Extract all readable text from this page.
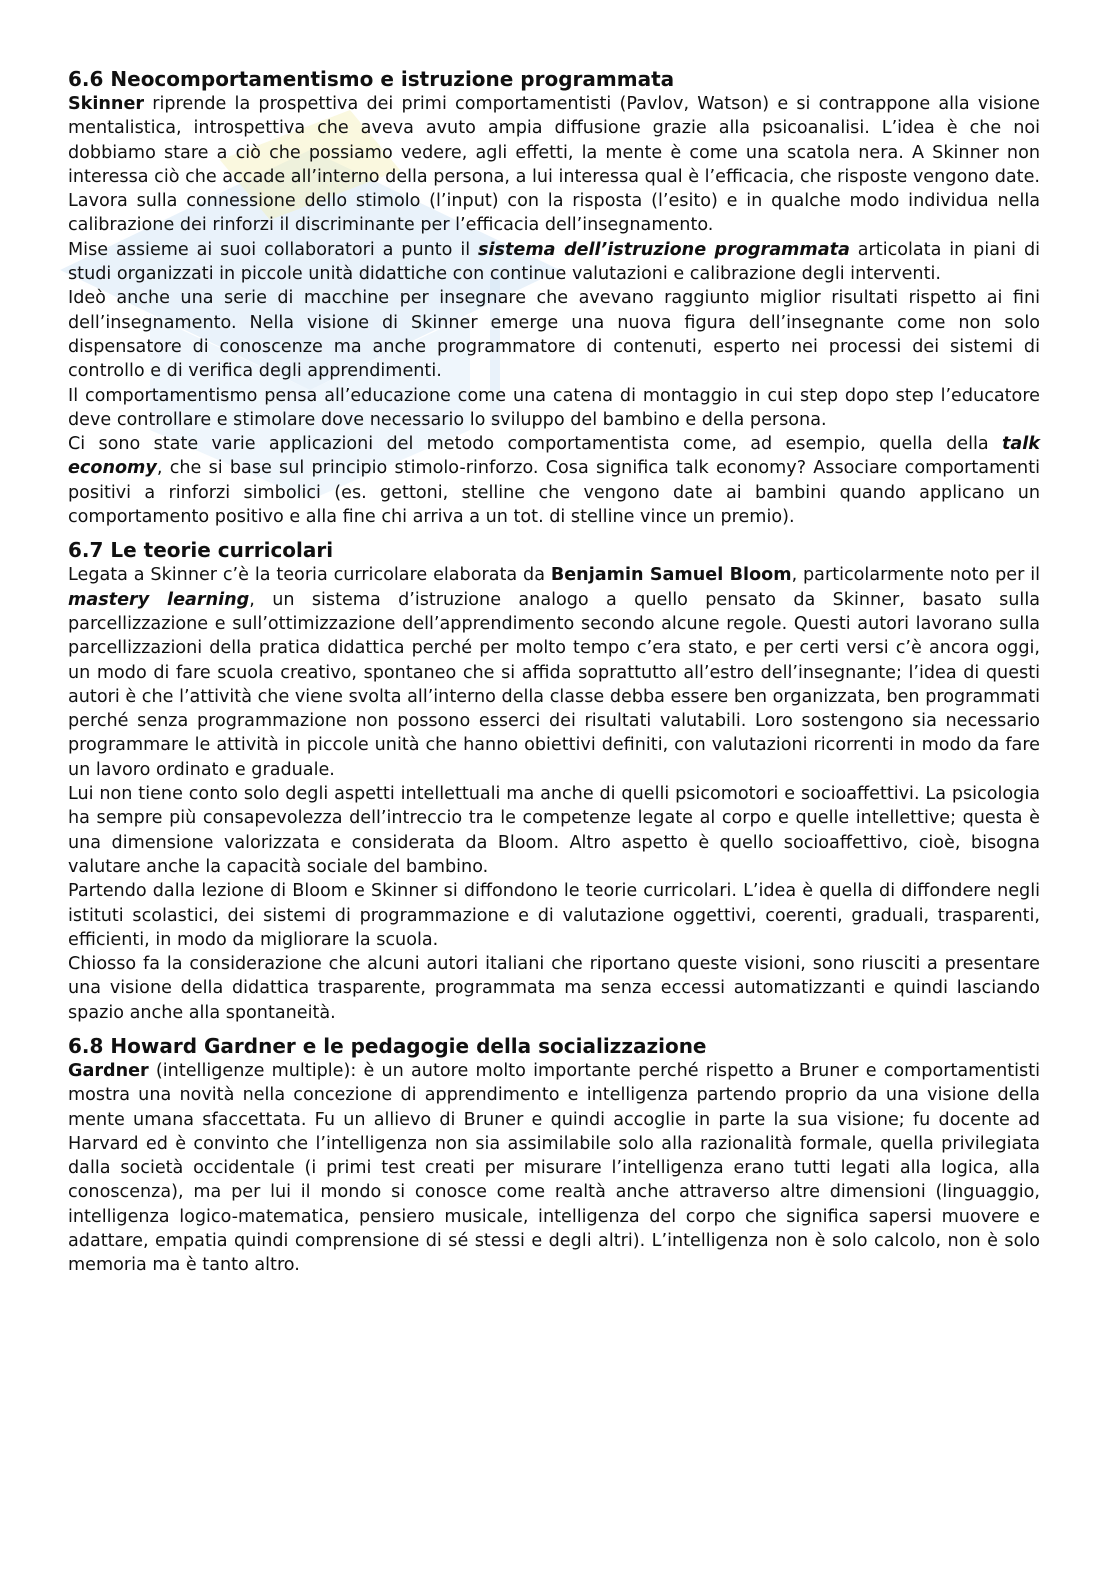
6.6 Neocomportamentismo e istruzione programmata

Skinner riprende la prospettiva dei primi comportamentisti (Pavlov, Watson) e si contrappone alla visione mentalistica, introspettiva che aveva avuto ampia diffusione grazie alla psicoanalisi. L’idea è che noi dobbiamo stare a ciò che possiamo vedere, agli effetti, la mente è come una scatola nera. A Skinner non interessa ciò che accade all’interno della persona, a lui interessa qual è l’efficacia, che risposte vengono date. Lavora sulla connessione dello stimolo (l’input) con la risposta (l’esito) e in qualche modo individua nella calibrazione dei rinforzi il discriminante per l’efficacia dell’insegnamento.

Mise assieme ai suoi collaboratori a punto il sistema dell’istruzione programmata articolata in piani di studi organizzati in piccole unità didattiche con continue valutazioni e calibrazione degli interventi.

Ideò anche una serie di macchine per insegnare che avevano raggiunto miglior risultati rispetto ai fini dell’insegnamento. Nella visione di Skinner emerge una nuova figura dell’insegnante come non solo dispensatore di conoscenze ma anche programmatore di contenuti, esperto nei processi dei sistemi di controllo e di verifica degli apprendimenti.

Il comportamentismo pensa all’educazione come una catena di montaggio in cui step dopo step l’educatore deve controllare e stimolare dove necessario lo sviluppo del bambino e della persona.

Ci sono state varie applicazioni del metodo comportamentista come, ad esempio, quella della talk economy, che si base sul principio stimolo-rinforzo. Cosa significa talk economy? Associare comportamenti positivi a rinforzi simbolici (es. gettoni, stelline che vengono date ai bambini quando applicano un comportamento positivo e alla fine chi arriva a un tot. di stelline vince un premio).

6.7 Le teorie curricolari

Legata a Skinner c’è la teoria curricolare elaborata da Benjamin Samuel Bloom, particolarmente noto per il mastery learning, un sistema d’istruzione analogo a quello pensato da Skinner, basato sulla parcellizzazione e sull’ottimizzazione dell’apprendimento secondo alcune regole. Questi autori lavorano sulla parcellizzazioni della pratica didattica perché per molto tempo c’era stato, e per certi versi c’è ancora oggi, un modo di fare scuola creativo, spontaneo che si affida soprattutto all’estro dell’insegnante; l’idea di questi autori è che l’attività che viene svolta all’interno della classe debba essere ben organizzata, ben programmati perché senza programmazione non possono esserci dei risultati valutabili. Loro sostengono sia necessario programmare le attività in piccole unità che hanno obiettivi definiti, con valutazioni ricorrenti in modo da fare un lavoro ordinato e graduale.

Lui non tiene conto solo degli aspetti intellettuali ma anche di quelli psicomotori e socioaffettivi. La psicologia ha sempre più consapevolezza dell’intreccio tra le competenze legate al corpo e quelle intellettive; questa è una dimensione valorizzata e considerata da Bloom. Altro aspetto è quello socioaffettivo, cioè, bisogna valutare anche la capacità sociale del bambino.

Partendo dalla lezione di Bloom e Skinner si diffondono le teorie curricolari. L’idea è quella di diffondere negli istituti scolastici, dei sistemi di programmazione e di valutazione oggettivi, coerenti, graduali, trasparenti, efficienti, in modo da migliorare la scuola.

Chiosso fa la considerazione che alcuni autori italiani che riportano queste visioni, sono riusciti a presentare una visione della didattica trasparente, programmata ma senza eccessi automatizzanti e quindi lasciando spazio anche alla spontaneità.

6.8 Howard Gardner e le pedagogie della socializzazione

Gardner (intelligenze multiple): è un autore molto importante perché rispetto a Bruner e comportamentisti mostra una novità nella concezione di apprendimento e intelligenza partendo proprio da una visione della mente umana sfaccettata. Fu un allievo di Bruner e quindi accoglie in parte la sua visione; fu docente ad Harvard ed è convinto che l’intelligenza non sia assimilabile solo alla razionalità formale, quella privilegiata dalla società occidentale (i primi test creati per misurare l’intelligenza erano tutti legati alla logica, alla conoscenza), ma per lui il mondo si conosce come realtà anche attraverso altre dimensioni (linguaggio, intelligenza logico-matematica, pensiero musicale, intelligenza del corpo che significa sapersi muovere e adattare, empatia quindi comprensione di sé stessi e degli altri). L’intelligenza non è solo calcolo, non è solo memoria ma è tanto altro.
